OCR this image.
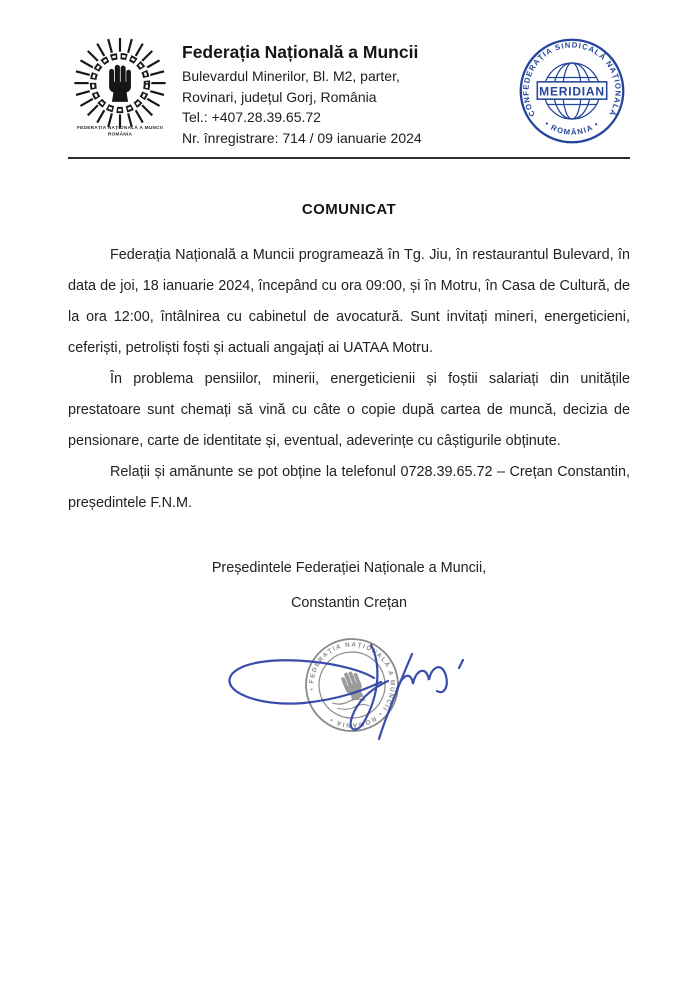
FEDERAȚIA NAȚIONALĂ A MUNCII
ROMÂNIA
Federația Națională a Muncii
Bulevardul Minerilor, Bl. M2, parter,
Rovinari, județul Gorj, România
Tel.: +407.28.39.65.72
Nr. înregistrare: 714 / 09 ianuarie 2024
CONFEDERAȚIA SINDICALĂ NAȚIONALĂ
• ROMÂNIA •
MERIDIAN
COMUNICAT

Federația Națională a Muncii programează în Tg. Jiu, în restaurantul Bulevard, în data de joi, 18 ianuarie 2024, începând cu ora 09:00, și în Motru, în Casa de Cultură, de la ora 12:00, întâlnirea cu cabinetul de avocatură. Sunt invitați mineri, energeticieni, ceferiști, petroliști foști și actuali angajați ai UATAA Motru.

În problema pensiilor, minerii, energeticienii și foștii salariați din unitățile prestatoare sunt chemați să vină cu câte o copie după cartea de muncă, decizia de pensionare, carte de identitate și, eventual, adeverințe cu câștigurile obținute.

Relații și amănunte se pot obține la telefonul 0728.39.65.72 – Crețan Constantin, președintele F.N.M.

Președintele Federației Naționale a Muncii,
Constantin Crețan
• FEDERAȚIA NAȚIONALĂ A MUNCII • ROMÂNIA •
